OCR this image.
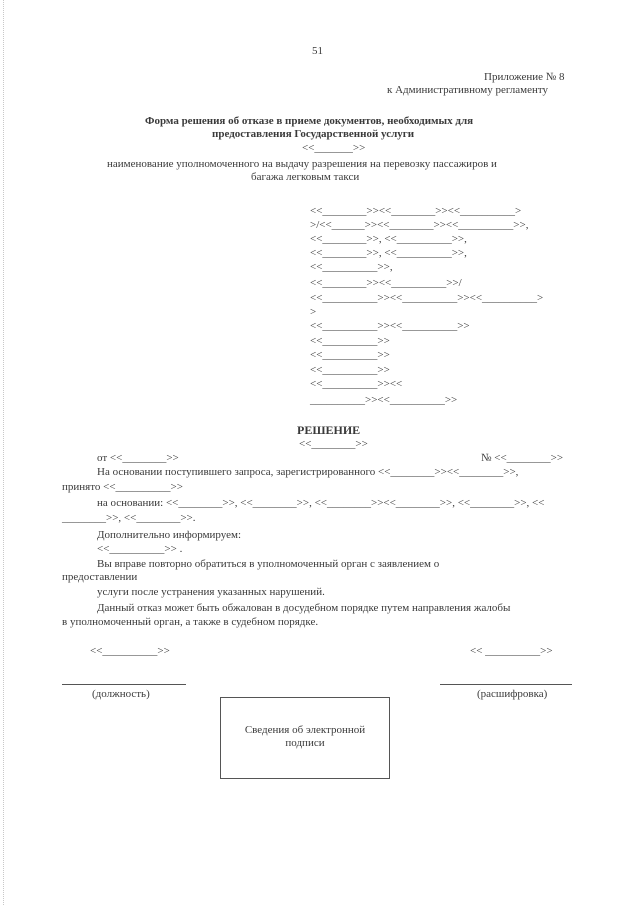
51
Приложение № 8
к Административному регламенту
Форма решения об отказе в приеме документов, необходимых для
предоставления Государственной услуги
<<_______>>
наименование уполномоченного на выдачу разрешения на перевозку пассажиров и
багажа легковым такси
<<________>><<________>><<__________>
>/<<______>><<________>><<__________>>,
<<________>>, <<__________>>,
<<________>>, <<__________>>,
<<__________>>,
<<________>><<__________>>/
<<__________>><<__________>><<__________>
>
<<__________>><<__________>>
<<__________>>
<<__________>>
<<__________>>
<<__________>><<
__________>><<__________>>
РЕШЕНИЕ
<<________>>
от <<________>>	№ <<________>>
На основании поступившего запроса, зарегистрированного <<________>><<________>>,
принято <<__________>>
на основании: <<________>>, <<________>>, <<________>><<________>>, <<________>>, <<
________>>, <<________>>.
Дополнительно информируем:
<<__________>> .
Вы вправе повторно обратиться в уполномоченный орган с заявлением о
предоставлении
услуги после устранения указанных нарушений.
Данный отказ может быть обжалован в досудебном порядке путем направления жалобы
в уполномоченный орган, а также в судебном порядке.
<<__________>>	<< __________>>
(должность)	(расшифровка)
Сведения об электронной
подписи
